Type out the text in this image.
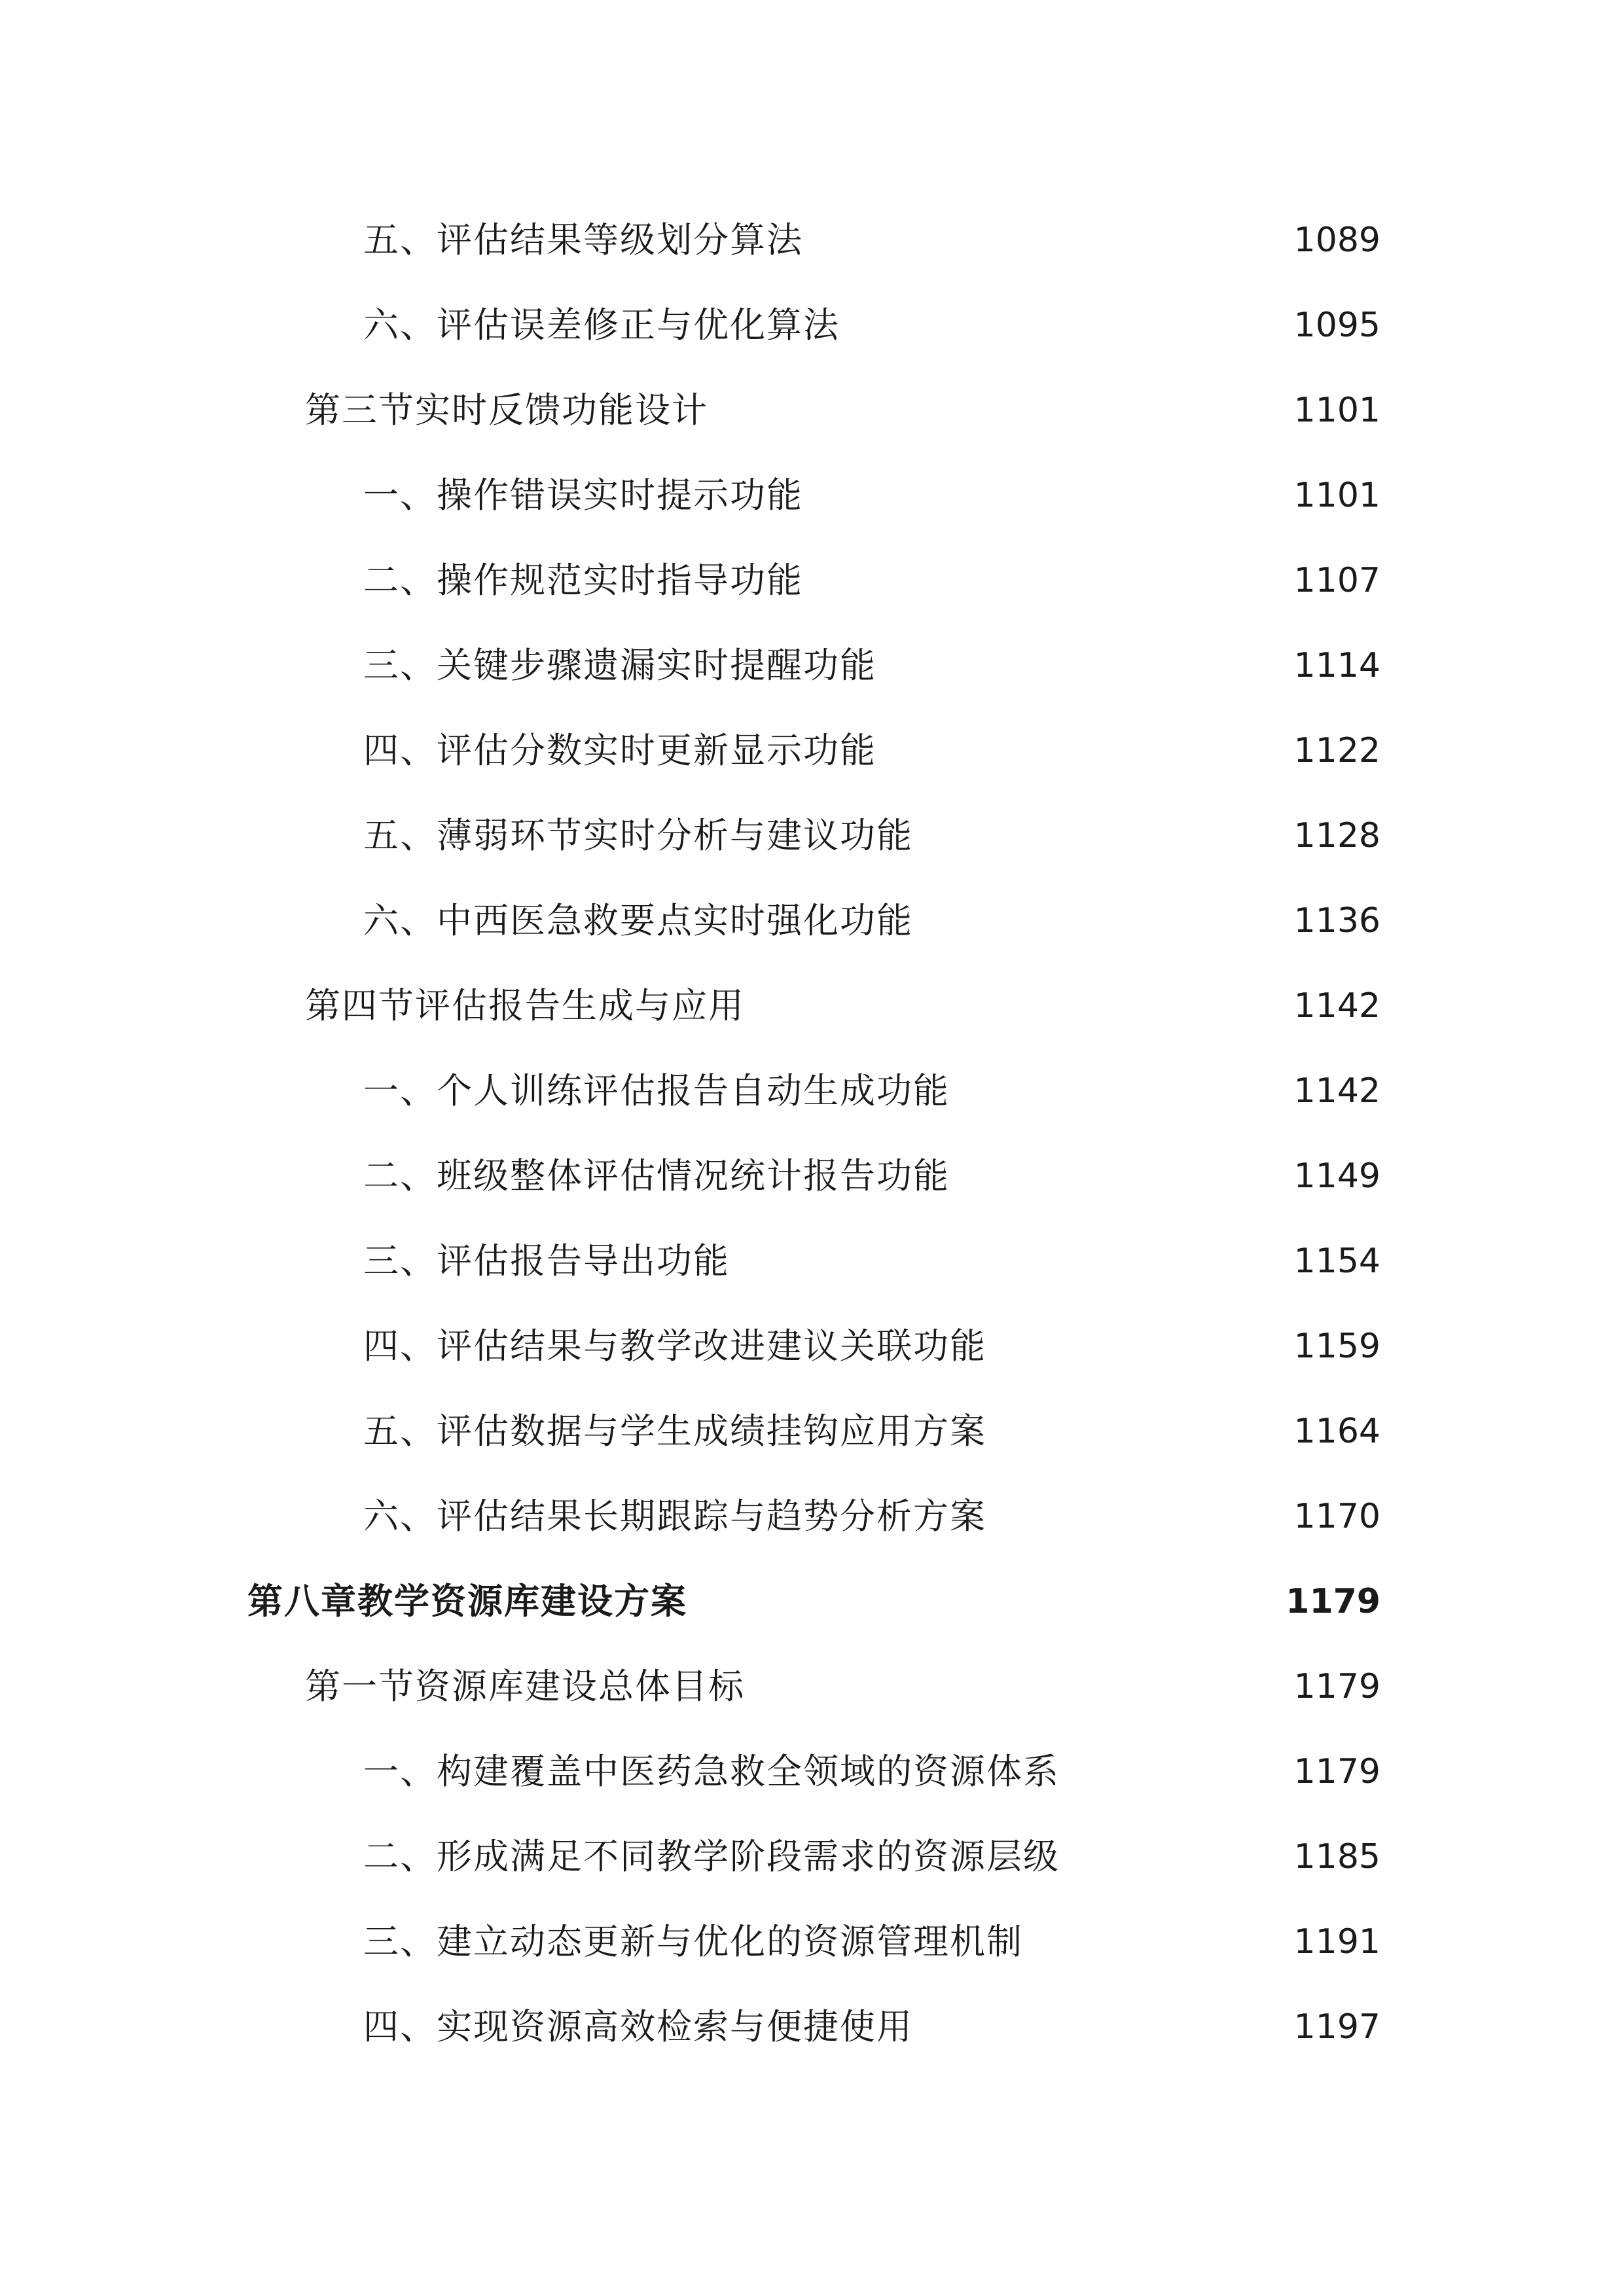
五、评估结果等级划分算法	1089
六、评估误差修正与优化算法	1095
第三节实时反馈功能设计	1101
一、操作错误实时提示功能	1101
二、操作规范实时指导功能	1107
三、关键步骤遗漏实时提醒功能	1114
四、评估分数实时更新显示功能	1122
五、薄弱环节实时分析与建议功能	1128
六、中西医急救要点实时强化功能	1136
第四节评估报告生成与应用	1142
一、个人训练评估报告自动生成功能	1142
二、班级整体评估情况统计报告功能	1149
三、评估报告导出功能	1154
四、评估结果与教学改进建议关联功能	1159
五、评估数据与学生成绩挂钩应用方案	1164
六、评估结果长期跟踪与趋势分析方案	1170
第八章教学资源库建设方案	1179
第一节资源库建设总体目标	1179
一、构建覆盖中医药急救全领域的资源体系	1179
二、形成满足不同教学阶段需求的资源层级	1185
三、建立动态更新与优化的资源管理机制	1191
四、实现资源高效检索与便捷使用	1197
